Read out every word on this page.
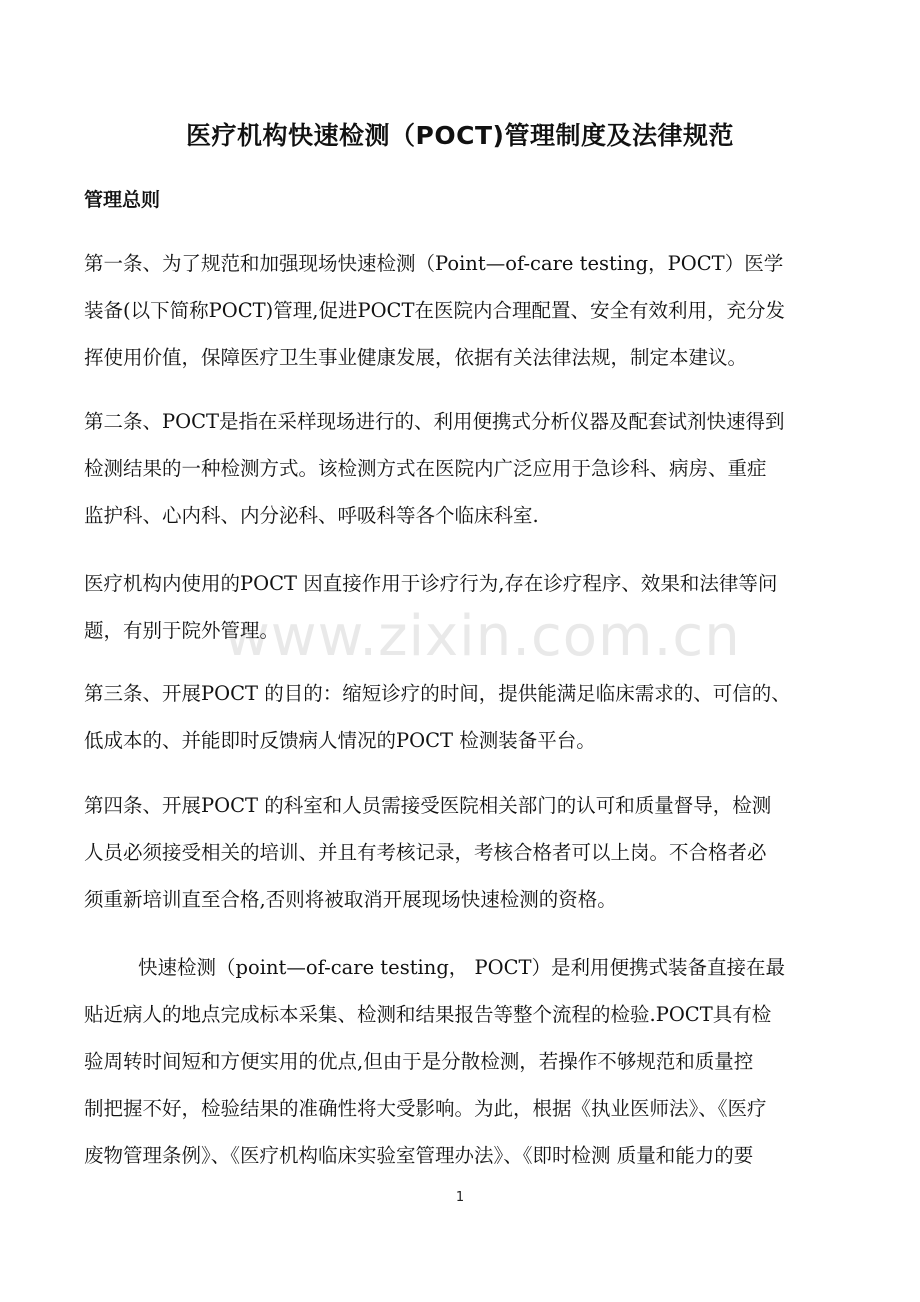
www.zixin.com.cn
医疗机构快速检测（POCT)管理制度及法律规范
管理总则
第一条、为了规范和加强现场快速检测（Point—of-care testing，POCT）医学
装备(以下简称POCT)管理,促进POCT在医院内合理配置、安全有效利用，充分发
挥使用价值，保障医疗卫生事业健康发展，依据有关法律法规，制定本建议。
第二条、POCT是指在采样现场进行的、利用便携式分析仪器及配套试剂快速得到
检测结果的一种检测方式。该检测方式在医院内广泛应用于急诊科、病房、重症
监护科、心内科、内分泌科、呼吸科等各个临床科室.
医疗机构内使用的POCT 因直接作用于诊疗行为,存在诊疗程序、效果和法律等问
题，有别于院外管理。
第三条、开展POCT 的目的：缩短诊疗的时间，提供能满足临床需求的、可信的、
低成本的、并能即时反馈病人情况的POCT 检测装备平台。
第四条、开展POCT 的科室和人员需接受医院相关部门的认可和质量督导，检测
人员必须接受相关的培训、并且有考核记录，考核合格者可以上岗。不合格者必
须重新培训直至合格,否则将被取消开展现场快速检测的资格。
快速检测（point—of-care testing， POCT）是利用便携式装备直接在最
贴近病人的地点完成标本采集、检测和结果报告等整个流程的检验.POCT具有检
验周转时间短和方便实用的优点,但由于是分散检测，若操作不够规范和质量控
制把握不好，检验结果的准确性将大受影响。为此，根据《执业医师法》、《医疗
废物管理条例》、《医疗机构临床实验室管理办法》、《即时检测 质量和能力的要
1
